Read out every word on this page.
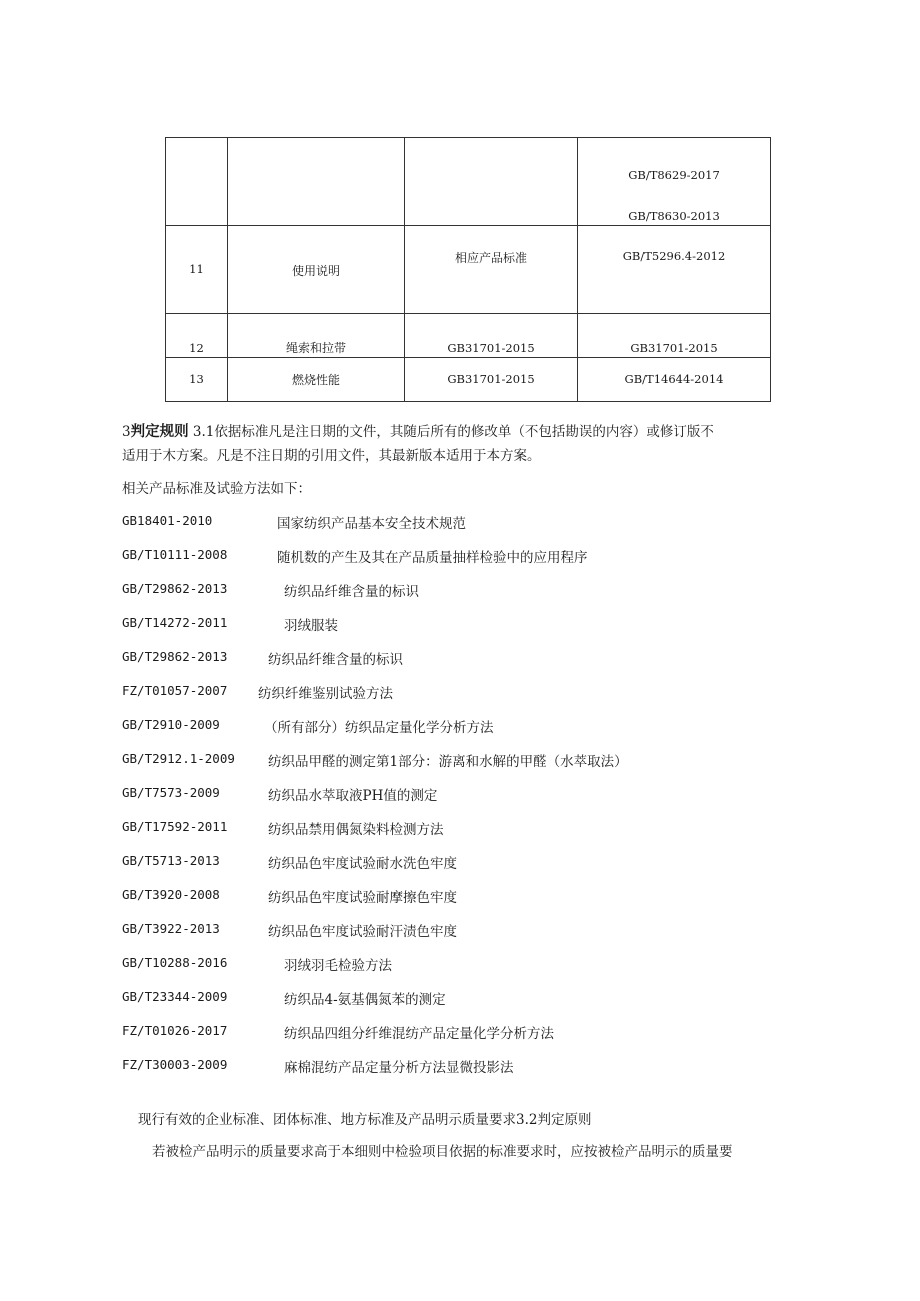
			GB/T8629-2017
GB/T8630-2013

11	使用说明	相应产品标准	GB/T5296.4-2012

12	绳索和拉带	GB31701-2015	GB31701-2015

13	燃烧性能	GB31701-2015	GB/T14644-2014
3判定规则 3.1依据标准凡是注日期的文件，其随后所有的修改单（不包括勘误的内容）或修订版不
适用于木方案。凡是不注日期的引用文件，其最新版本适用于本方案。
相关产品标准及试验方法如下：
GB18401-2010	国家纺织产品基本安全技术规范
GB/T10111-2008	随机数的产生及其在产品质量抽样检验中的应用程序
GB/T29862-2013	纺织品纤维含量的标识
GB/T14272-2011	羽绒服装
GB/T29862-2013	纺织品纤维含量的标识
FZ/T01057-2007 纺织纤维鉴别试验方法
GB/T2910-2009	（所有部分）纺织品定量化学分析方法
GB/T2912.1-2009 纺织品甲醛的测定第1部分：游离和水解的甲醛（水萃取法）
GB/T7573-2009	纺织品水萃取液PH值的测定
GB/T17592-2011	纺织品禁用偶氮染料检测方法
GB/T5713-2013	纺织品色牢度试验耐水洗色牢度
GB/T3920-2008	纺织品色牢度试验耐摩擦色牢度
GB/T3922-2013	纺织品色牢度试验耐汗渍色牢度
GB/T10288-2016	羽绒羽毛检验方法
GB/T23344-2009	纺织品4-氨基偶氮苯的测定
FZ/T01026-2017	纺织品四组分纤维混纺产品定量化学分析方法
FZ/T30003-2009	麻棉混纺产品定量分析方法显微投影法
现行有效的企业标准、团体标准、地方标准及产品明示质量要求3.2判定原则
若被检产品明示的质量要求高于本细则中检验项目依据的标准要求时，应按被检产品明示的质量要
